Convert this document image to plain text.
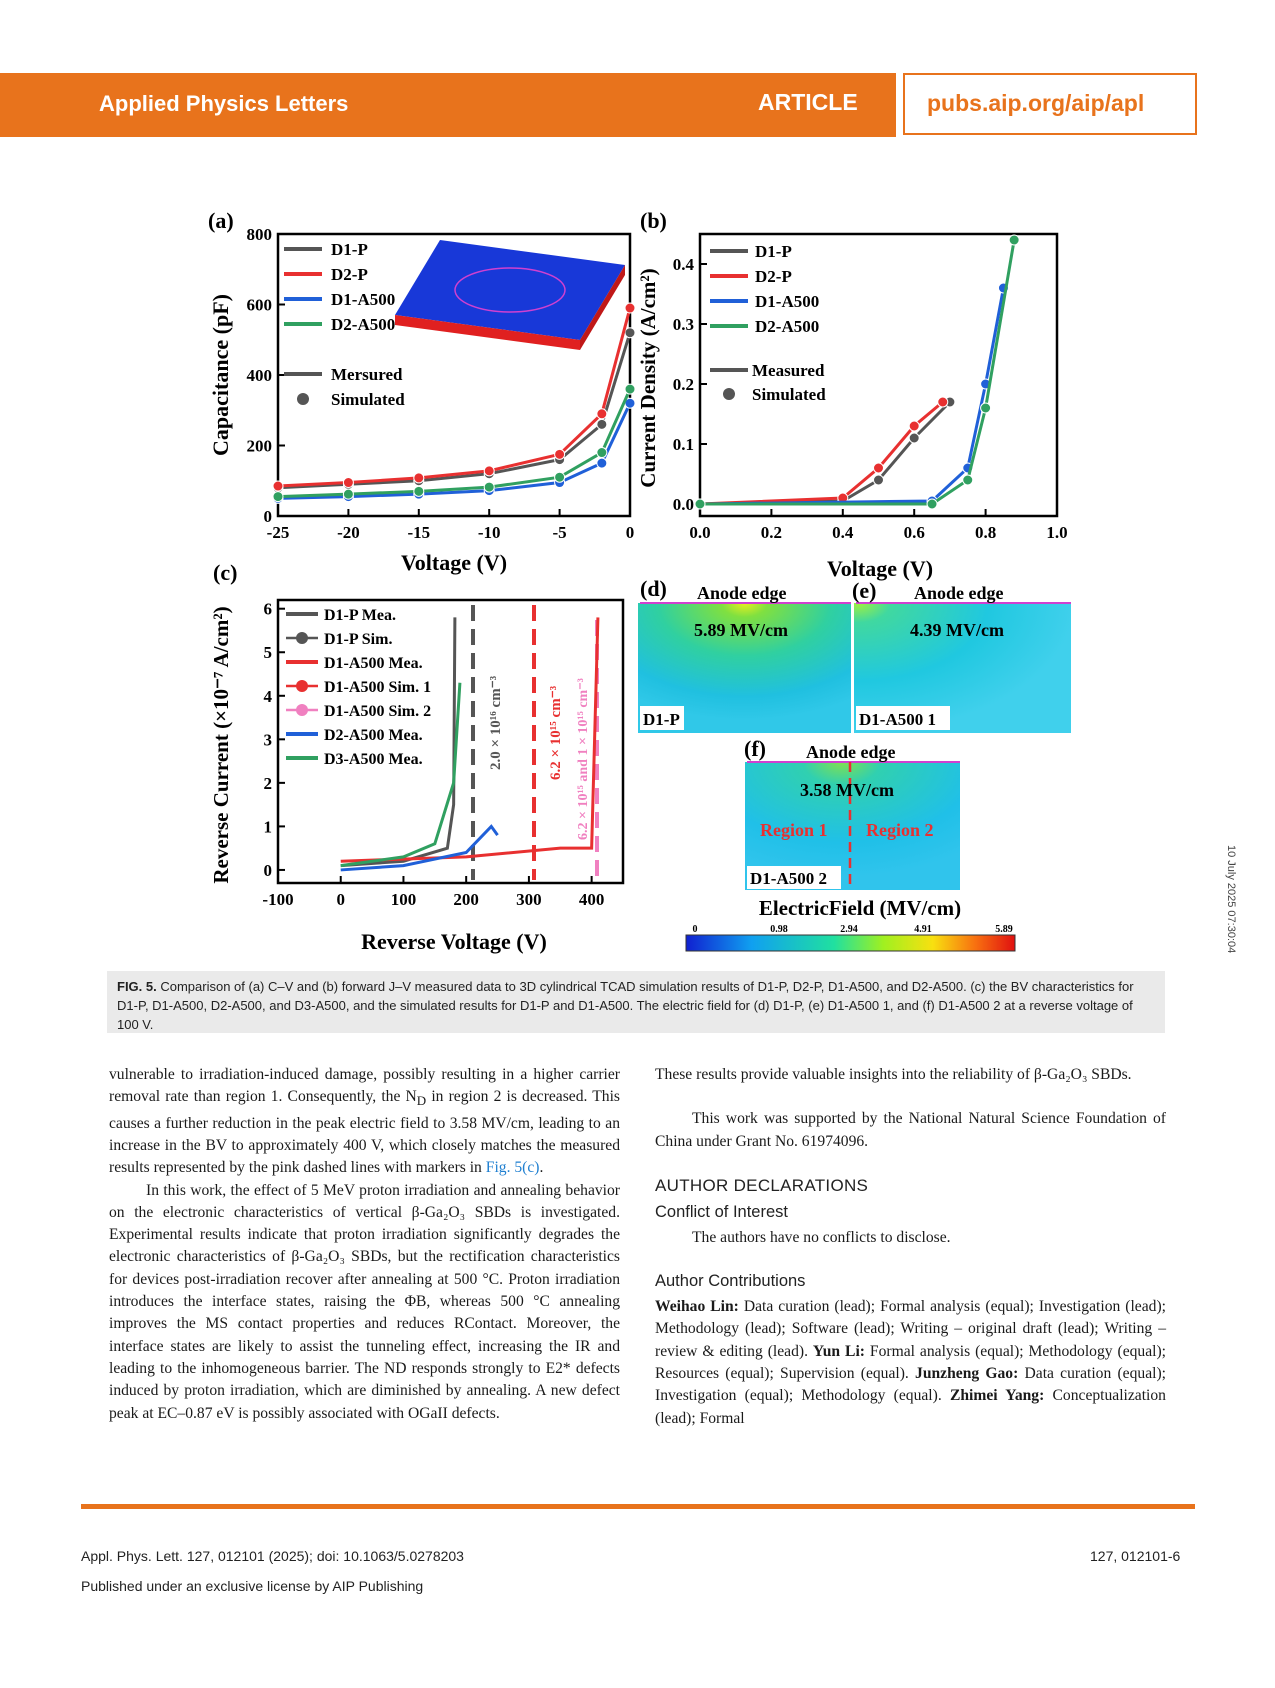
Applied Physics Letters	ARTICLE	pubs.aip.org/aip/apl
10 July 2025 07:30:04
(a)
-25	-20	-15	-10	-5	0
0
200
400
600
800
D1-P
D2-P
D1-A500
D2-A500
Mersured
Simulated
Voltage (V)
Capacitance (pF)
(b)
0.0	0.2	0.4	0.6	0.8	1.0
0.0
0.1
0.2
0.3
0.4
D1-P
D2-P
D1-A500
D2-A500
Measured
Simulated
Voltage (V)
Current Density (A/cm²)
(c)
-100	0	100 200 300 400
0
1
2
3
4
5
6
2.0 × 10¹⁶ cm⁻³	6.2 × 10¹⁵ cm⁻³ 6.2 × 10¹⁵ and 1 × 10¹⁵ cm⁻³
D1-P Mea.
D1-P Sim.
D1-A500 Mea.
D1-A500 Sim. 1
D1-A500 Sim. 2
D2-A500 Mea.
D3-A500 Mea.
Reverse Voltage (V)
Reverse Current (×10⁻⁷ A/cm²)
(d) Anode edge
5.89 MV/cm
D1-P
(e) Anode edge
4.39 MV/cm
D1-A500 1
(f) Anode edge
3.58 MV/cm
Region 1 Region 2
D1-A500 2
ElectricField (MV/cm)
0	0.98	2.94	4.91	5.89
FIG. 5. Comparison of (a) C–V and (b) forward J–V measured data to 3D cylindrical TCAD simulation results of D1-P, D2-P, D1-A500, and D2-A500. (c) the BV characteristics for D1-P, D1-A500, D2-A500, and D3-A500, and the simulated results for D1-P and D1-A500. The electric field for (d) D1-P, (e) D1-A500 1, and (f) D1-A500 2 at a reverse voltage of 100 V.

vulnerable to irradiation-induced damage, possibly resulting in a higher carrier removal rate than region 1. Consequently, the $N_D$ in region 2 is decreased. This causes a further reduction in the peak electric field to 3.58 MV/cm, leading to an increase in the BV to approximately 400 V, which closely matches the measured results represented by the pink dashed lines with markers in Fig. 5(c).

In this work, the effect of 5 MeV proton irradiation and annealing behavior on the electronic characteristics of vertical β-Ga₂O₃ SBDs is investigated. Experimental results indicate that proton irradiation significantly degrades the electronic characteristics of β-Ga₂O₃ SBDs, but the rectification characteristics for devices post-irradiation recover after annealing at 500 °C. Proton irradiation introduces the interface states, raising the ΦB, whereas 500 °C annealing improves the MS contact properties and reduces RContact. Moreover, the interface states are likely to assist the tunneling effect, increasing the IR and leading to the inhomogeneous barrier. The ND responds strongly to E2* defects induced by proton irradiation, which are diminished by annealing. A new defect peak at EC–0.87 eV is possibly associated with OGaII defects.

These results provide valuable insights into the reliability of β-Ga₂O₃ SBDs.

This work was supported by the National Natural Science Foundation of China under Grant No. 61974096.

AUTHOR DECLARATIONS
Conflict of Interest

The authors have no conflicts to disclose.

Author Contributions

Weihao Lin: Data curation (lead); Formal analysis (equal); Investigation (lead); Methodology (lead); Software (lead); Writing – original draft (lead); Writing – review & editing (lead). Yun Li: Formal analysis (equal); Methodology (equal); Resources (equal); Supervision (equal). Junzheng Gao: Data curation (equal); Investigation (equal); Methodology (equal). Zhimei Yang: Conceptualization (lead); Formal

Appl. Phys. Lett. 127, 012101 (2025); doi: 10.1063/5.0278203	127, 012101-6
Published under an exclusive license by AIP Publishing
